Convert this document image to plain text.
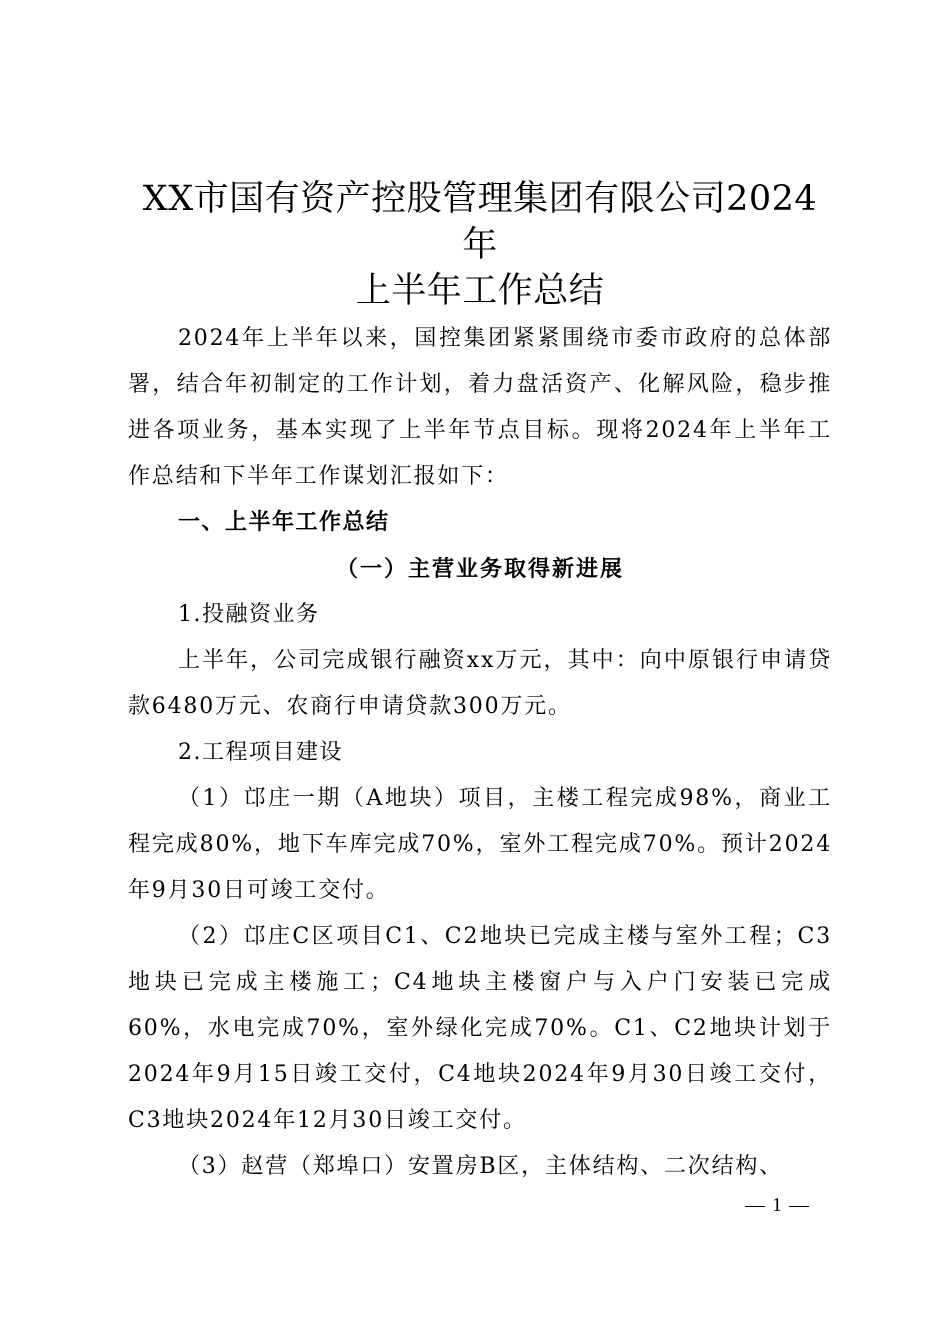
XX市国有资产控股管理集团有限公司2024年
上半年工作总结

2024年上半年以来，国控集团紧紧围绕市委市政府的总体部署，结合年初制定的工作计划，着力盘活资产、化解风险，稳步推进各项业务，基本实现了上半年节点目标。现将2024年上半年工作总结和下半年工作谋划汇报如下：

一、上半年工作总结

（一）主营业务取得新进展

1.投融资业务

上半年，公司完成银行融资xx万元，其中：向中原银行申请贷款6480万元、农商行申请贷款300万元。

2.工程项目建设

（1）邙庄一期（A地块）项目，主楼工程完成98%，商业工程完成80%，地下车库完成70%，室外工程完成70%。预计2024年9月30日可竣工交付。

（2）邙庄C区项目C1、C2地块已完成主楼与室外工程；C3地块已完成主楼施工；C4地块主楼窗户与入户门安装已完成60%，水电完成70%，室外绿化完成70%。C1、C2地块计划于2024年9月15日竣工交付，C4地块2024年9月30日竣工交付，C3地块2024年12月30日竣工交付。

（3）赵营（郑埠口）安置房B区，主体结构、二次结构、

— 1 —
